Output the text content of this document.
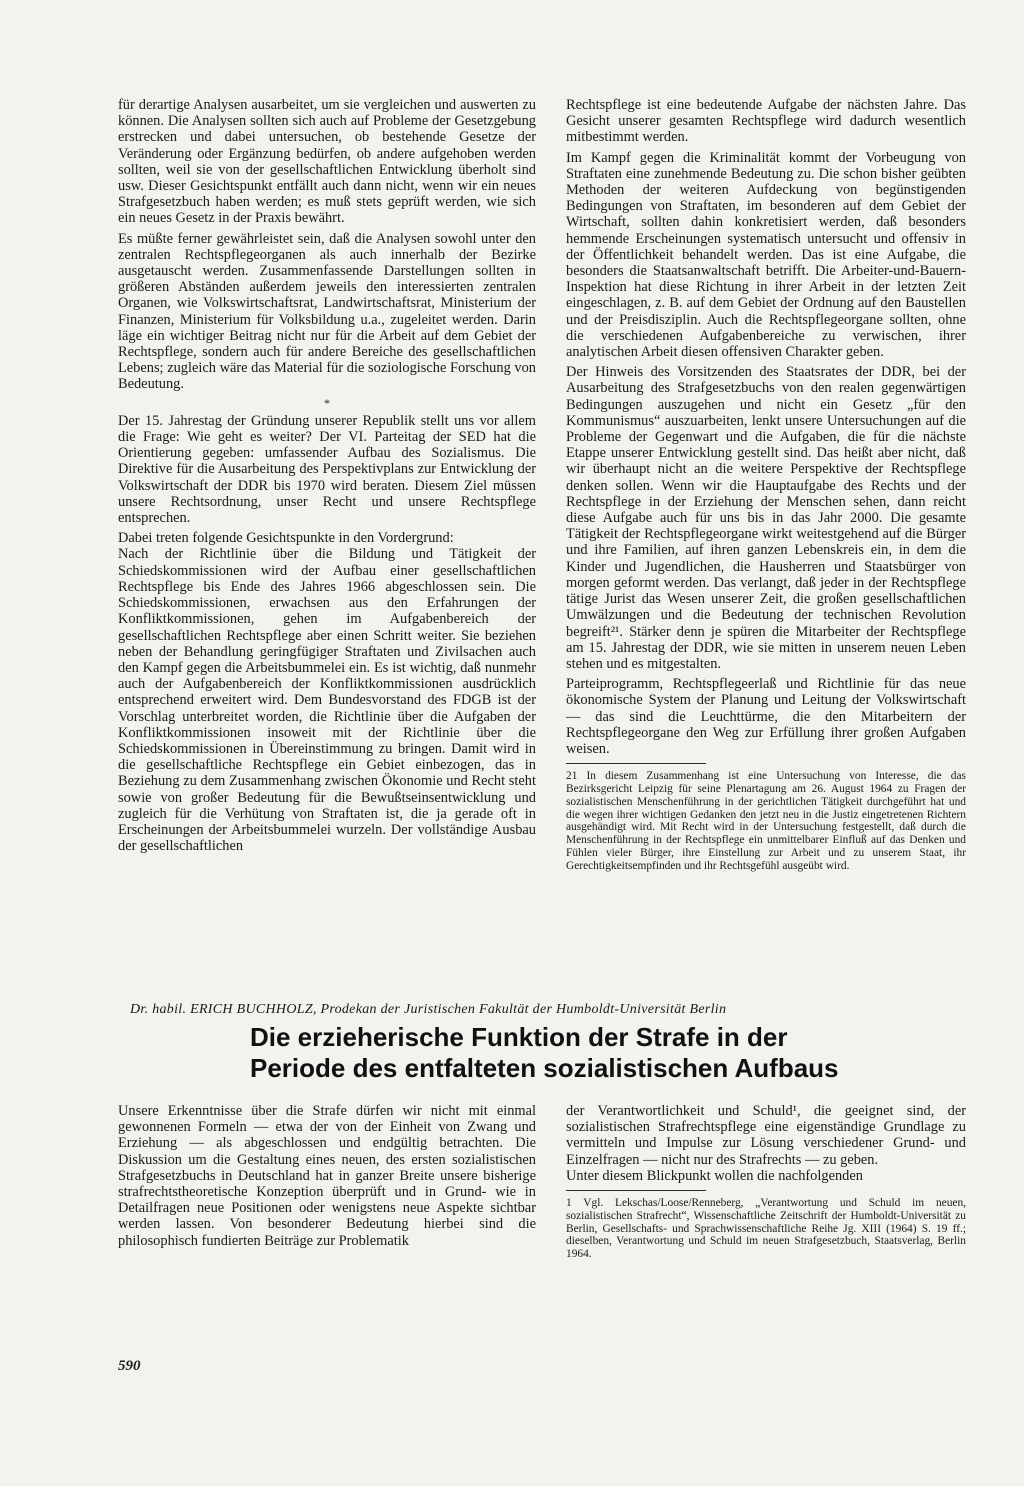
für derartige Analysen ausarbeitet, um sie vergleichen und auswerten zu können. Die Analysen sollten sich auch auf Probleme der Gesetzgebung erstrecken und dabei untersuchen, ob bestehende Gesetze der Veränderung oder Ergänzung bedürfen, ob andere aufgehoben werden sollten, weil sie von der gesellschaftlichen Entwicklung überholt sind usw. Dieser Gesichtspunkt entfällt auch dann nicht, wenn wir ein neues Strafgesetzbuch haben werden; es muß stets geprüft werden, wie sich ein neues Gesetz in der Praxis bewährt.

Es müßte ferner gewährleistet sein, daß die Analysen sowohl unter den zentralen Rechtspflegeorganen als auch innerhalb der Bezirke ausgetauscht werden. Zusammenfassende Darstellungen sollten in größeren Abständen außerdem jeweils den interessierten zentralen Organen, wie Volkswirtschaftsrat, Landwirtschaftsrat, Ministerium der Finanzen, Ministerium für Volksbildung u.a., zugeleitet werden. Darin läge ein wichtiger Beitrag nicht nur für die Arbeit auf dem Gebiet der Rechtspflege, sondern auch für andere Bereiche des gesellschaftlichen Lebens; zugleich wäre das Material für die soziologische Forschung von Bedeutung.

*

Der 15. Jahrestag der Gründung unserer Republik stellt uns vor allem die Frage: Wie geht es weiter? Der VI. Parteitag der SED hat die Orientierung gegeben: umfassender Aufbau des Sozialismus. Die Direktive für die Ausarbeitung des Perspektivplans zur Entwicklung der Volkswirtschaft der DDR bis 1970 wird beraten. Diesem Ziel müssen unsere Rechtsordnung, unser Recht und unsere Rechtspflege entsprechen.

Dabei treten folgende Gesichtspunkte in den Vordergrund:

Nach der Richtlinie über die Bildung und Tätigkeit der Schiedskommissionen wird der Aufbau einer gesellschaftlichen Rechtspflege bis Ende des Jahres 1966 abgeschlossen sein. Die Schiedskommissionen, erwachsen aus den Erfahrungen der Konfliktkommissionen, gehen im Aufgabenbereich der gesellschaftlichen Rechtspflege aber einen Schritt weiter. Sie beziehen neben der Behandlung geringfügiger Straftaten und Zivilsachen auch den Kampf gegen die Arbeitsbummelei ein. Es ist wichtig, daß nunmehr auch der Aufgabenbereich der Konfliktkommissionen ausdrücklich entsprechend erweitert wird. Dem Bundesvorstand des FDGB ist der Vorschlag unterbreitet worden, die Richtlinie über die Aufgaben der Konfliktkommissionen insoweit mit der Richtlinie über die Schiedskommissionen in Übereinstimmung zu bringen. Damit wird in die gesellschaftliche Rechtspflege ein Gebiet einbezogen, das in Beziehung zu dem Zusammenhang zwischen Ökonomie und Recht steht sowie von großer Bedeutung für die Bewußtseinsentwicklung und zugleich für die Verhütung von Straftaten ist, die ja gerade oft in Erscheinungen der Arbeitsbummelei wurzeln. Der vollständige Ausbau der gesellschaftlichen

Rechtspflege ist eine bedeutende Aufgabe der nächsten Jahre. Das Gesicht unserer gesamten Rechtspflege wird dadurch wesentlich mitbestimmt werden.

Im Kampf gegen die Kriminalität kommt der Vorbeugung von Straftaten eine zunehmende Bedeutung zu. Die schon bisher geübten Methoden der weiteren Aufdeckung von begünstigenden Bedingungen von Straftaten, im besonderen auf dem Gebiet der Wirtschaft, sollten dahin konkretisiert werden, daß besonders hemmende Erscheinungen systematisch untersucht und offensiv in der Öffentlichkeit behandelt werden. Das ist eine Aufgabe, die besonders die Staatsanwaltschaft betrifft. Die Arbeiter-und-Bauern-Inspektion hat diese Richtung in ihrer Arbeit in der letzten Zeit eingeschlagen, z. B. auf dem Gebiet der Ordnung auf den Baustellen und der Preisdisziplin. Auch die Rechtspflegeorgane sollten, ohne die verschiedenen Aufgabenbereiche zu verwischen, ihrer analytischen Arbeit diesen offensiven Charakter geben.

Der Hinweis des Vorsitzenden des Staatsrates der DDR, bei der Ausarbeitung des Strafgesetzbuchs von den realen gegenwärtigen Bedingungen auszugehen und nicht ein Gesetz „für den Kommunismus“ auszuarbeiten, lenkt unsere Untersuchungen auf die Probleme der Gegenwart und die Aufgaben, die für die nächste Etappe unserer Entwicklung gestellt sind. Das heißt aber nicht, daß wir überhaupt nicht an die weitere Perspektive der Rechtspflege denken sollen. Wenn wir die Hauptaufgabe des Rechts und der Rechtspflege in der Erziehung der Menschen sehen, dann reicht diese Aufgabe auch für uns bis in das Jahr 2000. Die gesamte Tätigkeit der Rechtspflegeorgane wirkt weitestgehend auf die Bürger und ihre Familien, auf ihren ganzen Lebenskreis ein, in dem die Kinder und Jugendlichen, die Hausherren und Staatsbürger von morgen geformt werden. Das verlangt, daß jeder in der Rechtspflege tätige Jurist das Wesen unserer Zeit, die großen gesellschaftlichen Umwälzungen und die Bedeutung der technischen Revolution begreift²¹. Stärker denn je spüren die Mitarbeiter der Rechtspflege am 15. Jahrestag der DDR, wie sie mitten in unserem neuen Leben stehen und es mitgestalten.

Parteiprogramm, Rechtspflegeerlaß und Richtlinie für das neue ökonomische System der Planung und Leitung der Volkswirtschaft — das sind die Leuchttürme, die den Mitarbeitern der Rechtspflegeorgane den Weg zur Erfüllung ihrer großen Aufgaben weisen.

21 In diesem Zusammenhang ist eine Untersuchung von Interesse, die das Bezirksgericht Leipzig für seine Plenartagung am 26. August 1964 zu Fragen der sozialistischen Menschenführung in der gerichtlichen Tätigkeit durchgeführt hat und die wegen ihrer wichtigen Gedanken den jetzt neu in die Justiz eingetretenen Richtern ausgehändigt wird. Mit Recht wird in der Untersuchung festgestellt, daß durch die Menschenführung in der Rechtspflege ein unmittelbarer Einfluß auf das Denken und Fühlen vieler Bürger, ihre Einstellung zur Arbeit und zu unserem Staat, ihr Gerechtigkeitsempfinden und ihr Rechtsgefühl ausgeübt wird.

Dr. habil. ERICH BUCHHOLZ, Prodekan der Juristischen Fakultät der Humboldt-Universität Berlin
Die erzieherische Funktion der Strafe in der
Periode des entfalteten sozialistischen Aufbaus

Unsere Erkenntnisse über die Strafe dürfen wir nicht mit einmal gewonnenen Formeln — etwa der von der Einheit von Zwang und Erziehung — als abgeschlossen und endgültig betrachten. Die Diskussion um die Gestaltung eines neuen, des ersten sozialistischen Strafgesetzbuchs in Deutschland hat in ganzer Breite unsere bisherige strafrechtstheoretische Konzeption überprüft und in Grund- wie in Detailfragen neue Positionen oder wenigstens neue Aspekte sichtbar werden lassen. Von besonderer Bedeutung hierbei sind die philosophisch fundierten Beiträge zur Problematik

der Verantwortlichkeit und Schuld¹, die geeignet sind, der sozialistischen Strafrechtspflege eine eigenständige Grundlage zu vermitteln und Impulse zur Lösung verschiedener Grund- und Einzelfragen — nicht nur des Strafrechts — zu geben.

Unter diesem Blickpunkt wollen die nachfolgenden

1 Vgl. Lekschas/Loose/Renneberg, „Verantwortung und Schuld im neuen, sozialistischen Strafrecht“, Wissenschaftliche Zeitschrift der Humboldt-Universität zu Berlin, Gesellschafts- und Sprachwissenschaftliche Reihe Jg. XIII (1964) S. 19 ff.; dieselben, Verantwortung und Schuld im neuen Strafgesetzbuch, Staatsverlag, Berlin 1964.

590
